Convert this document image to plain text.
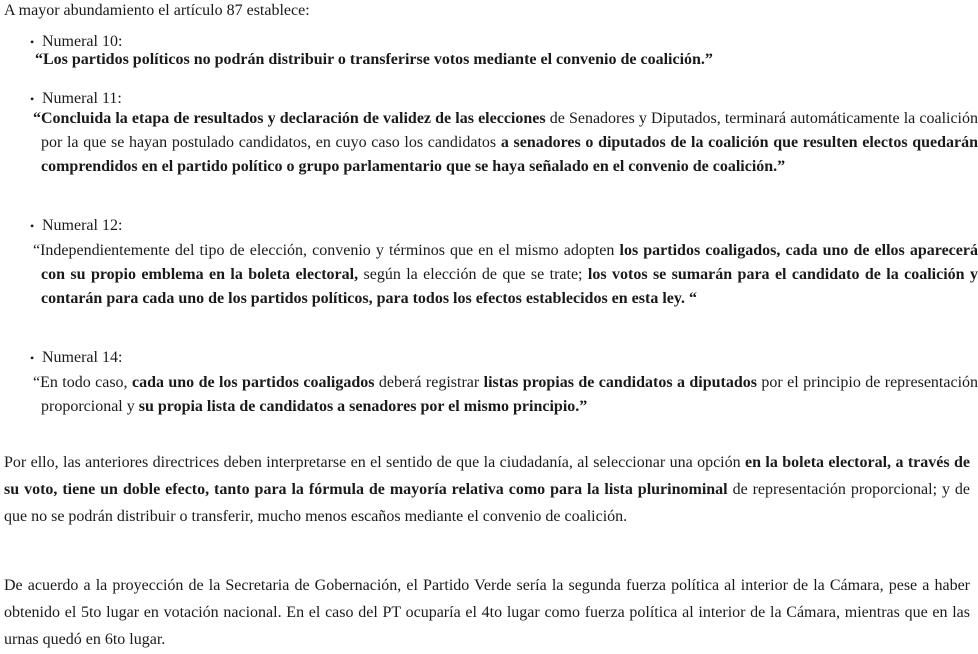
A mayor abundamiento el artículo 87 establece:
• Numeral 10:
“Los partidos políticos no podrán distribuir o transferirse votos mediante el convenio de coalición.”
• Numeral 11:
“Concluida la etapa de resultados y declaración de validez de las elecciones de Senadores y Diputados, terminará automáticamente la coalición por la que se hayan postulado candidatos, en cuyo caso los candidatos a senadores o diputados de la coalición que resulten electos quedarán comprendidos en el partido político o grupo parlamentario que se haya señalado en el convenio de coalición.”
• Numeral 12:
“Independientemente del tipo de elección, convenio y términos que en el mismo adopten los partidos coaligados, cada uno de ellos aparecerá con su propio emblema en la boleta electoral, según la elección de que se trate; los votos se sumarán para el candidato de la coalición y contarán para cada uno de los partidos políticos, para todos los efectos establecidos en esta ley. “
• Numeral 14:
“En todo caso, cada uno de los partidos coaligados deberá registrar listas propias de candidatos a diputados por el principio de representación proporcional y su propia lista de candidatos a senadores por el mismo principio.”
Por ello, las anteriores directrices deben interpretarse en el sentido de que la ciudadanía, al seleccionar una opción en la boleta electoral, a través de su voto, tiene un doble efecto, tanto para la fórmula de mayoría relativa como para la lista plurinominal de representación proporcional; y de que no se podrán distribuir o transferir, mucho menos escaños mediante el convenio de coalición.
De acuerdo a la proyección de la Secretaria de Gobernación, el Partido Verde sería la segunda fuerza política al interior de la Cámara, pese a haber obtenido el 5to lugar en votación nacional. En el caso del PT ocuparía el 4to lugar como fuerza política al interior de la Cámara, mientras que en las urnas quedó en 6to lugar.
